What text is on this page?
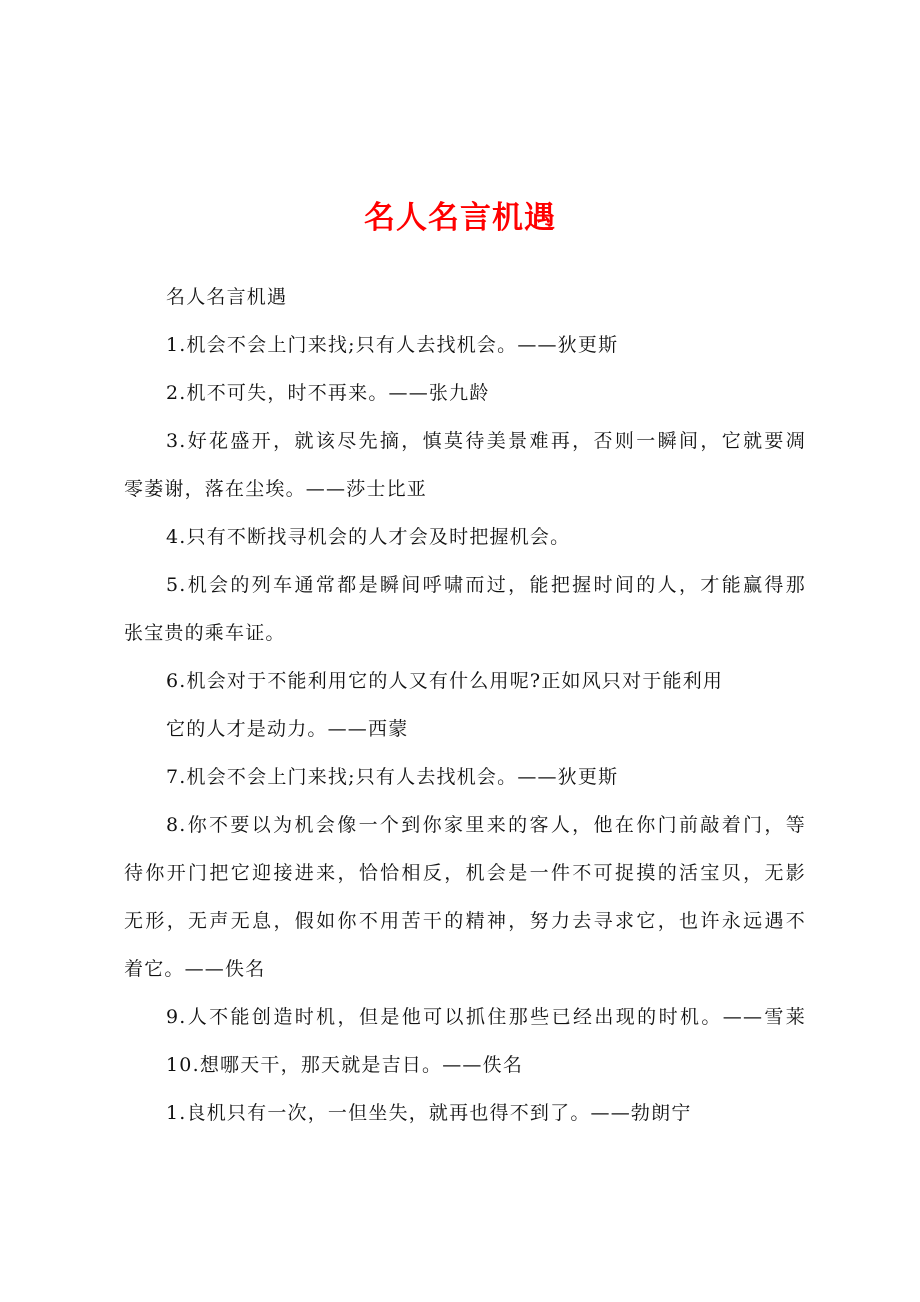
名人名言机遇
名人名言机遇
1.机会不会上门来找;只有人去找机会。——狄更斯
2.机不可失，时不再来。——张九龄
3.好花盛开，就该尽先摘，慎莫待美景难再，否则一瞬间，它就要凋
零萎谢，落在尘埃。——莎士比亚
4.只有不断找寻机会的人才会及时把握机会。
5.机会的列车通常都是瞬间呼啸而过，能把握时间的人，才能赢得那
张宝贵的乘车证。
6.机会对于不能利用它的人又有什么用呢?正如风只对于能利用
它的人才是动力。——西蒙
7.机会不会上门来找;只有人去找机会。——狄更斯
8.你不要以为机会像一个到你家里来的客人，他在你门前敲着门，等
待你开门把它迎接进来，恰恰相反，机会是一件不可捉摸的活宝贝，无影
无形，无声无息，假如你不用苦干的精神，努力去寻求它，也许永远遇不
着它。——佚名
9.人不能创造时机，但是他可以抓住那些已经出现的时机。——雪莱
10.想哪天干，那天就是吉日。——佚名
1.良机只有一次，一但坐失，就再也得不到了。——勃朗宁
